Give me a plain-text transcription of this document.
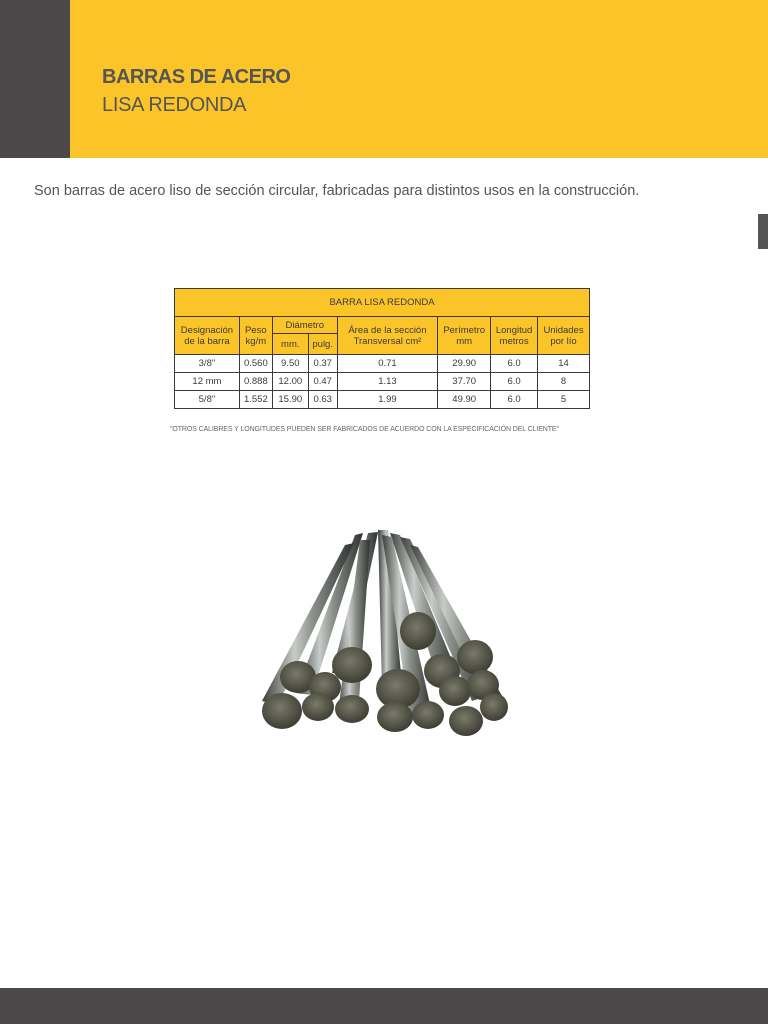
BARRAS DE ACERO
LISA REDONDA
Son barras de acero liso de sección circular, fabricadas para distintos usos en la construcción.
BARRA LISA REDONDA							
Designación de la barra	Peso kg/m	Diámetro		Área de la sección Transversal cm²	Perímetro mm	Longitud metros	Unidades por lío
		mm.	pulg.				
3/8"	0.560	9.50	0.37	0.71	29.90	6.0	14
12 mm	0.888	12.00	0.47	1.13	37.70	6.0	8
5/8"	1.552	15.90	0.63	1.99	49.90	6.0	5
"OTROS CALIBRES Y LONGITUDES PUEDEN SER FABRICADOS DE ACUERDO CON LA ESPECIFICACIÓN DEL CLIENTE"
